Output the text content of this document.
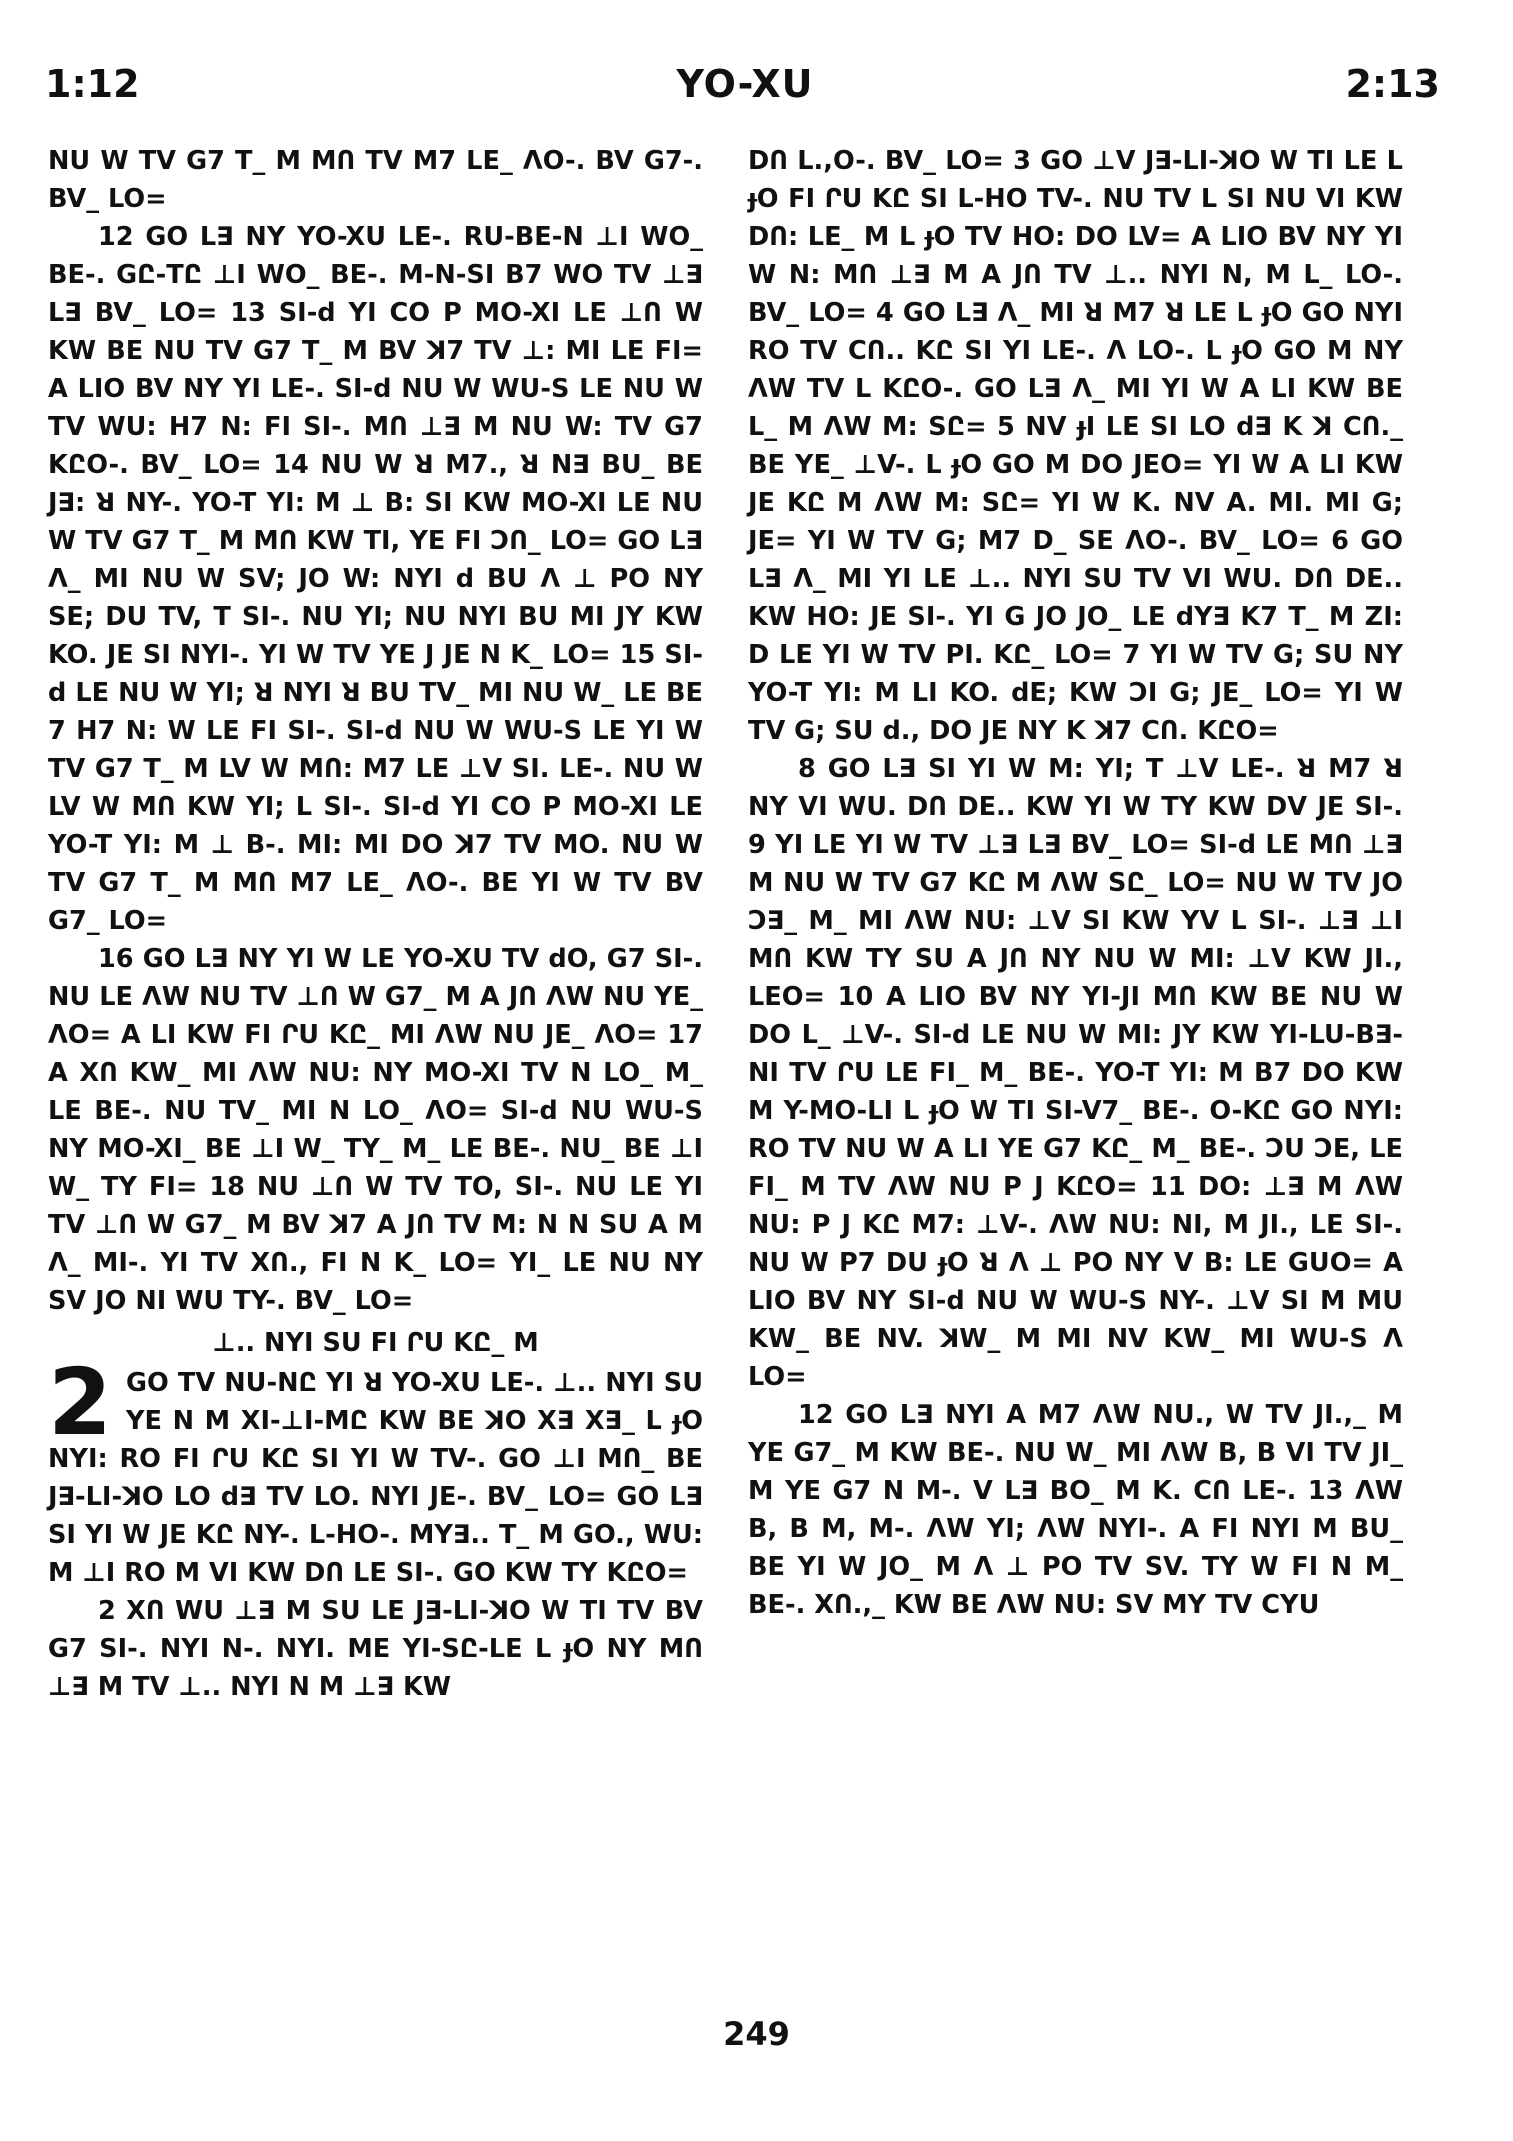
1:12	YO-XU	2:13

NU W TV G7 T_ M MՈ TV M7 LE_ ΛO-. BV G7-. BV_ LO=

12 GO L∃ NY YO-XU LE-. RU-BE-N ⊥I WO_ BE-. GԸ-TԸ ⊥I WO_ BE-. M-N-SI B7 WO TV ⊥∃ L∃ BV_ LO= 13 SI-d YI CO P MO-XI LE ⊥Ո W KW BE NU TV G7 T_ M BV ꓘ7 TV ⊥: MI LE FI= A LIO BV NY YI LE-. SI-d NU W WU-S LE NU W TV WU: H7 N: FI SI-. MՈ ⊥∃ M NU W: TV G7 KԸO-. BV_ LO= 14 NU W ꓤ M7., ꓤ N∃ BU_ BE J∃: ꓤ NY-. YO-T YI: M ⊥ B: SI KW MO-XI LE NU W TV G7 T_ M MՈ KW TI, YE FI ƆՈ_ LO= GO L∃ Λ_ MI NU W SV; JO W: NYI d BU Λ ⊥ PO NY SE; DU TV, T SI-. NU YI; NU NYI BU MI JY KW KO. JE SI NYI-. YI W TV YE J JE N K_ LO= 15 SI-d LE NU W YI; ꓤ NYI ꓤ BU TV_ MI NU W_ LE BE 7 H7 N: W LE FI SI-. SI-d NU W WU-S LE YI W TV G7 T_ M LV W MՈ: M7 LE ⊥V SI. LE-. NU W LV W MՈ KW YI; L SI-. SI-d YI CO P MO-XI LE YO-T YI: M ⊥ B-. MI: MI DO ꓘ7 TV MO. NU W TV G7 T_ M MՈ M7 LE_ ΛO-. BE YI W TV BV G7_ LO=

16 GO L∃ NY YI W LE YO-XU TV dO, G7 SI-. NU LE ΛW NU TV ⊥Ո W G7_ M A JՈ ΛW NU YE_ ΛO= A LI KW FI ՐU KԸ_ MI ΛW NU JE_ ΛO= 17 A XՈ KW_ MI ΛW NU: NY MO-XI TV N LO_ M_ LE BE-. NU TV_ MI N LO_ ΛO= SI-d NU WU-S NY MO-XI_ BE ⊥I W_ TY_ M_ LE BE-. NU_ BE ⊥I W_ TY FI= 18 NU ⊥Ո W TV TO, SI-. NU LE YI TV ⊥Ո W G7_ M BV ꓘ7 A JՈ TV M: N N SU A M Λ_ MI-. YI TV XՈ., FI N K_ LO= YI_ LE NU NY SV JO NI WU TY-. BV_ LO=

⊥.. NYI SU FI ՐU KԸ_ M
2 GO TV NU-NԸ YI ꓤ YO-XU LE-. ⊥.. NYI SU YE N M XI-⊥I-MԸ KW BE ꓘO X∃ X∃_ L ɟO NYI: RO FI ՐU KԸ SI YI W TV-. GO ⊥I MՈ_ BE J∃-LI-ꓘO LO d∃ TV LO. NYI JE-. BV_ LO= GO L∃ SI YI W JE KԸ NY-. L-HO-. MY∃.. T_ M GO., WU: M ⊥I RO M VI KW DՈ LE SI-. GO KW TY KԸO=

2 XՈ WU ⊥∃ M SU LE J∃-LI-ꓘO W TI TV BV G7 SI-. NYI N-. NYI. ME YI-SԸ-LE L ɟO NY MՈ ⊥∃ M TV ⊥.. NYI N M ⊥∃ KW

DՈ L.,O-. BV_ LO= 3 GO ⊥V J∃-LI-ꓘO W TI LE L ɟO FI ՐU KԸ SI L-HO TV-. NU TV L SI NU VI KW DՈ: LE_ M L ɟO TV HO: DO LV= A LIO BV NY YI W N: MՈ ⊥∃ M A JՈ TV ⊥.. NYI N, M L_ LO-. BV_ LO= 4 GO L∃ Λ_ MI ꓤ M7 ꓤ LE L ɟO GO NYI RO TV CՈ.. KԸ SI YI LE-. Λ LO-. L ɟO GO M NY ΛW TV L KԸO-. GO L∃ Λ_ MI YI W A LI KW BE L_ M ΛW M: SԸ= 5 NV ɟI LE SI LO d∃ K ꓘ CՈ._ BE YE_ ⊥V-. L ɟO GO M DO JEO= YI W A LI KW JE KԸ M ΛW M: SԸ= YI W K. NV A. MI. MI G; JE= YI W TV G; M7 D_ SE ΛO-. BV_ LO= 6 GO L∃ Λ_ MI YI LE ⊥.. NYI SU TV VI WU. DՈ DE.. KW HO: JE SI-. YI G JO JO_ LE dY∃ K7 T_ M ZI: D LE YI W TV PI. KԸ_ LO= 7 YI W TV G; SU NY YO-T YI: M LI KO. dE; KW ƆI G; JE_ LO= YI W TV G; SU d., DO JE NY K ꓘ7 CՈ. KԸO=

8 GO L∃ SI YI W M: YI; T ⊥V LE-. ꓤ M7 ꓤ NY VI WU. DՈ DE.. KW YI W TY KW DV JE SI-. 9 YI LE YI W TV ⊥∃ L∃ BV_ LO= SI-d LE MՈ ⊥∃ M NU W TV G7 KԸ M ΛW SԸ_ LO= NU W TV JO Ɔ∃_ M_ MI ΛW NU: ⊥V SI KW YV L SI-. ⊥∃ ⊥I MՈ KW TY SU A JՈ NY NU W MI: ⊥V KW JI., LEO= 10 A LIO BV NY YI-JI MՈ KW BE NU W DO L_ ⊥V-. SI-d LE NU W MI: JY KW YI-LU-B∃-NI TV ՐU LE FI_ M_ BE-. YO-T YI: M B7 DO KW M Y-MO-LI L ɟO W TI SI-V7_ BE-. O-KԸ GO NYI: RO TV NU W A LI YE G7 KԸ_ M_ BE-. ƆU ƆE, LE FI_ M TV ΛW NU P J KԸO= 11 DO: ⊥∃ M ΛW NU: P J KԸ M7: ⊥V-. ΛW NU: NI, M JI., LE SI-. NU W P7 DU ɟO ꓤ Λ ⊥ PO NY V B: LE GUO= A LIO BV NY SI-d NU W WU-S NY-. ⊥V SI M MU KW_ BE NV. ꓘW_ M MI NV KW_ MI WU-S Λ LO=

12 GO L∃ NYI A M7 ΛW NU., W TV JI.,_ M YE G7_ M KW BE-. NU W_ MI ΛW B, B VI TV JI_ M YE G7 N M-. V L∃ BO_ M K. CՈ LE-. 13 ΛW B, B M, M-. ΛW YI; ΛW NYI-. A FI NYI M BU_ BE YI W JO_ M Λ ⊥ PO TV SV. TY W FI N M_ BE-. XՈ.,_ KW BE ΛW NU: SV MY TV CYU

249
